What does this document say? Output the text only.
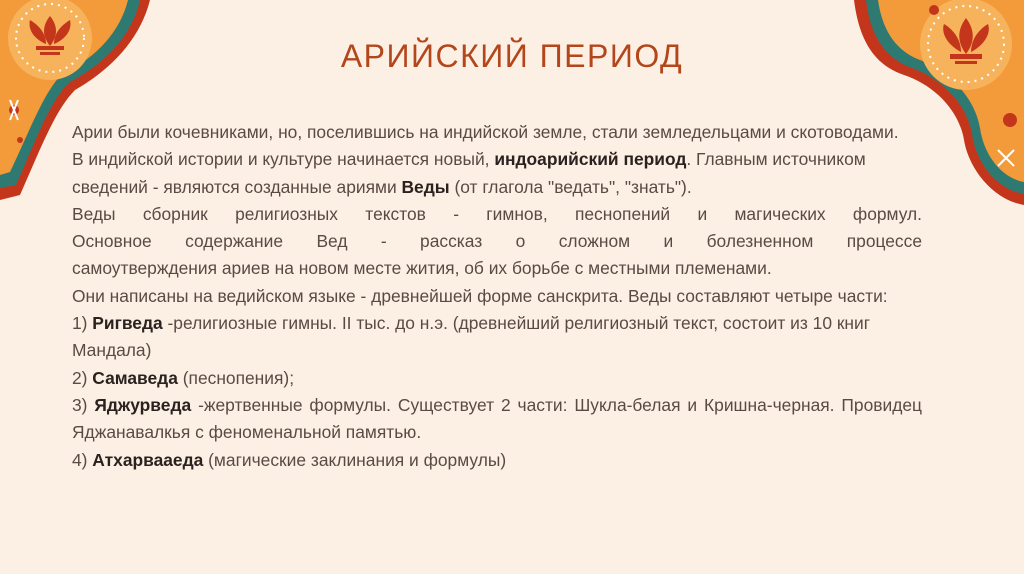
АРИЙСКИЙ ПЕРИОД

Арии были кочевниками, но, поселившись на индийской земле, стали земледельцами и скотоводами.

В индийской истории и культуре начинается новый, индоарийский период. Главным источником сведений - являются созданные ариями Веды (от глагола "ведать", "знать").

Веды сборник религиозных текстов - гимнов, песнопений и магических формул.

Основное содержание Вед - рассказ о сложном и болезненном процессе

самоутверждения ариев на новом месте жития, об их борьбе с местными племенами.

Они написаны на ведийском языке - древнейшей форме санскрита. Веды составляют четыре части:

1) Ригведа -религиозные гимны. II тыс. до н.э. (древнейший религиозный текст, состоит из 10 книг Мандала)

2) Самаведа (песнопения);

3) Яджурведа -жертвенные формулы. Существует 2 части: Шукла-белая и Кришна-черная. Провидец Яджанавалкья с феноменальной памятью.

4) Атхарвааеда (магические заклинания и формулы)
